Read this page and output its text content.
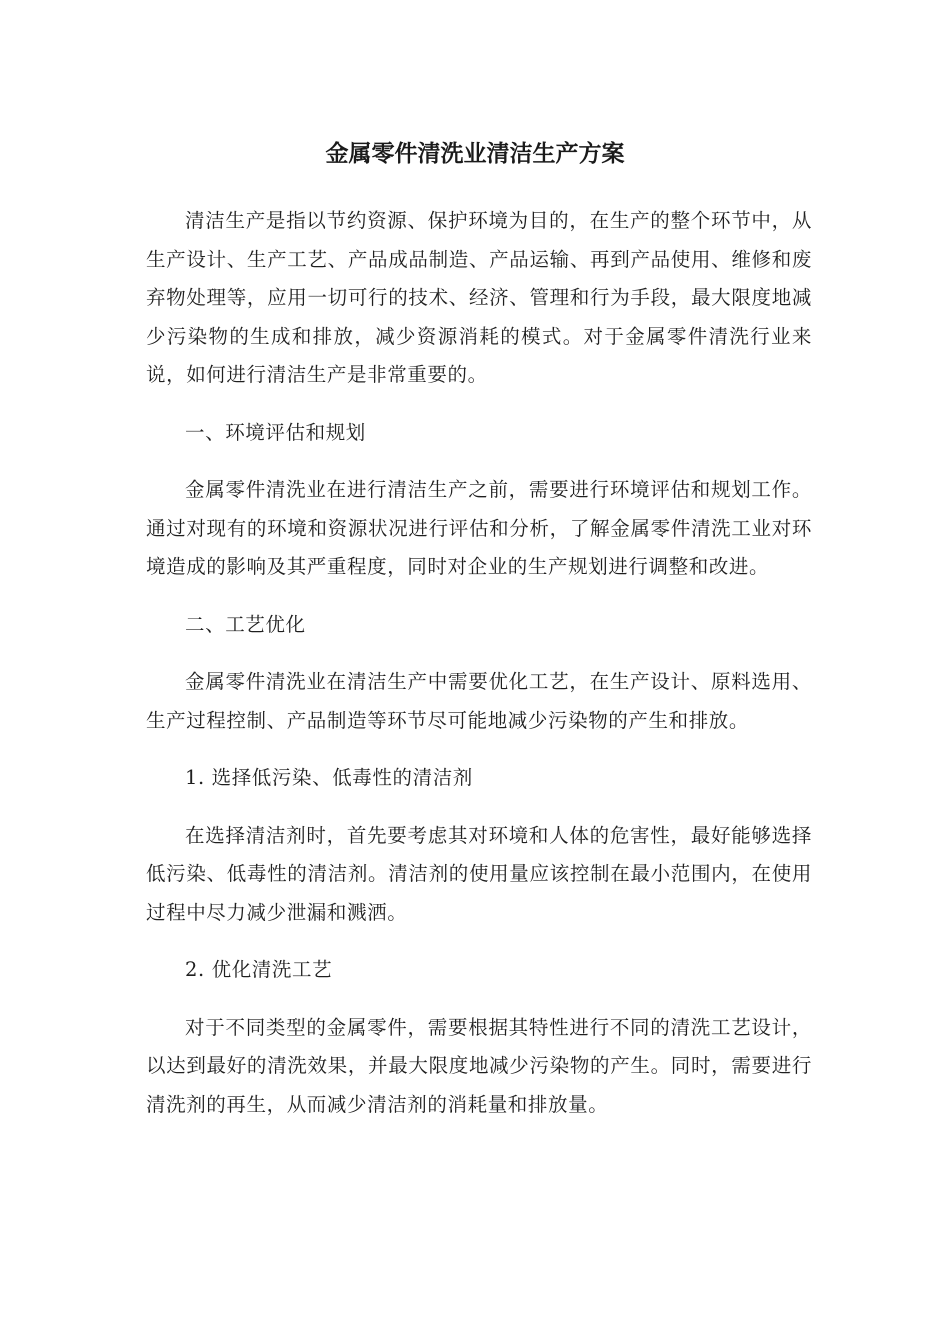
金属零件清洗业清洁生产方案

清洁生产是指以节约资源、保护环境为目的，在生产的整个环节中，从生产设计、生产工艺、产品成品制造、产品运输、再到产品使用、维修和废弃物处理等，应用一切可行的技术、经济、管理和行为手段，最大限度地减少污染物的生成和排放，减少资源消耗的模式。对于金属零件清洗行业来说，如何进行清洁生产是非常重要的。

一、环境评估和规划

金属零件清洗业在进行清洁生产之前，需要进行环境评估和规划工作。通过对现有的环境和资源状况进行评估和分析，了解金属零件清洗工业对环境造成的影响及其严重程度，同时对企业的生产规划进行调整和改进。

二、工艺优化

金属零件清洗业在清洁生产中需要优化工艺，在生产设计、原料选用、生产过程控制、产品制造等环节尽可能地减少污染物的产生和排放。

1. 选择低污染、低毒性的清洁剂

在选择清洁剂时，首先要考虑其对环境和人体的危害性，最好能够选择低污染、低毒性的清洁剂。清洁剂的使用量应该控制在最小范围内，在使用过程中尽力减少泄漏和溅洒。

2. 优化清洗工艺

对于不同类型的金属零件，需要根据其特性进行不同的清洗工艺设计，以达到最好的清洗效果，并最大限度地减少污染物的产生。同时，需要进行清洗剂的再生，从而减少清洁剂的消耗量和排放量。
